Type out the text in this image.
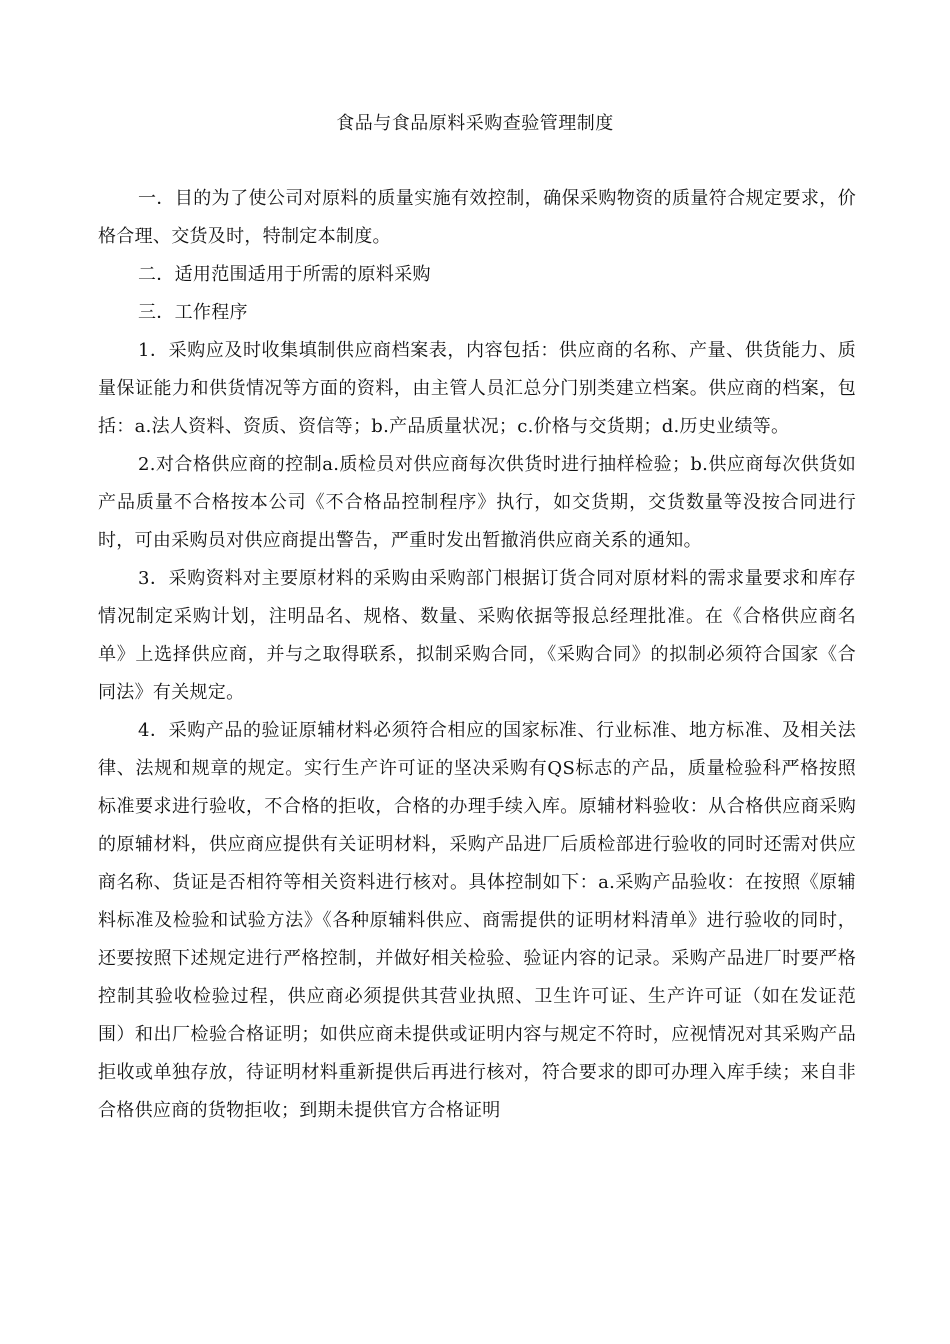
食品与食品原料采购查验管理制度

一．目的为了使公司对原料的质量实施有效控制，确保采购物资的质量符合规定要求，价格合理、交货及时，特制定本制度。

二．适用范围适用于所需的原料采购

三．工作程序

1．采购应及时收集填制供应商档案表，内容包括：供应商的名称、产量、供货能力、质量保证能力和供货情况等方面的资料，由主管人员汇总分门别类建立档案。供应商的档案，包括：a.法人资料、资质、资信等；b.产品质量状况；c.价格与交货期；d.历史业绩等。

2.对合格供应商的控制a.质检员对供应商每次供货时进行抽样检验；b.供应商每次供货如产品质量不合格按本公司《不合格品控制程序》执行，如交货期，交货数量等没按合同进行时，可由采购员对供应商提出警告，严重时发出暂撤消供应商关系的通知。

3．采购资料对主要原材料的采购由采购部门根据订货合同对原材料的需求量要求和库存情况制定采购计划，注明品名、规格、数量、采购依据等报总经理批准。在《合格供应商名单》上选择供应商，并与之取得联系，拟制采购合同，《采购合同》的拟制必须符合国家《合同法》有关规定。

4．采购产品的验证原辅材料必须符合相应的国家标准、行业标准、地方标准、及相关法律、法规和规章的规定。实行生产许可证的坚决采购有QS标志的产品，质量检验科严格按照标准要求进行验收，不合格的拒收，合格的办理手续入库。原辅材料验收：从合格供应商采购的原辅材料，供应商应提供有关证明材料，采购产品进厂后质检部进行验收的同时还需对供应商名称、货证是否相符等相关资料进行核对。具体控制如下：a.采购产品验收：在按照《原辅料标准及检验和试验方法》《各种原辅料供应、商需提供的证明材料清单》进行验收的同时，还要按照下述规定进行严格控制，并做好相关检验、验证内容的记录。采购产品进厂时要严格控制其验收检验过程，供应商必须提供其营业执照、卫生许可证、生产许可证（如在发证范围）和出厂检验合格证明；如供应商未提供或证明内容与规定不符时，应视情况对其采购产品拒收或单独存放，待证明材料重新提供后再进行核对，符合要求的即可办理入库手续；来自非合格供应商的货物拒收；到期未提供官方合格证明
